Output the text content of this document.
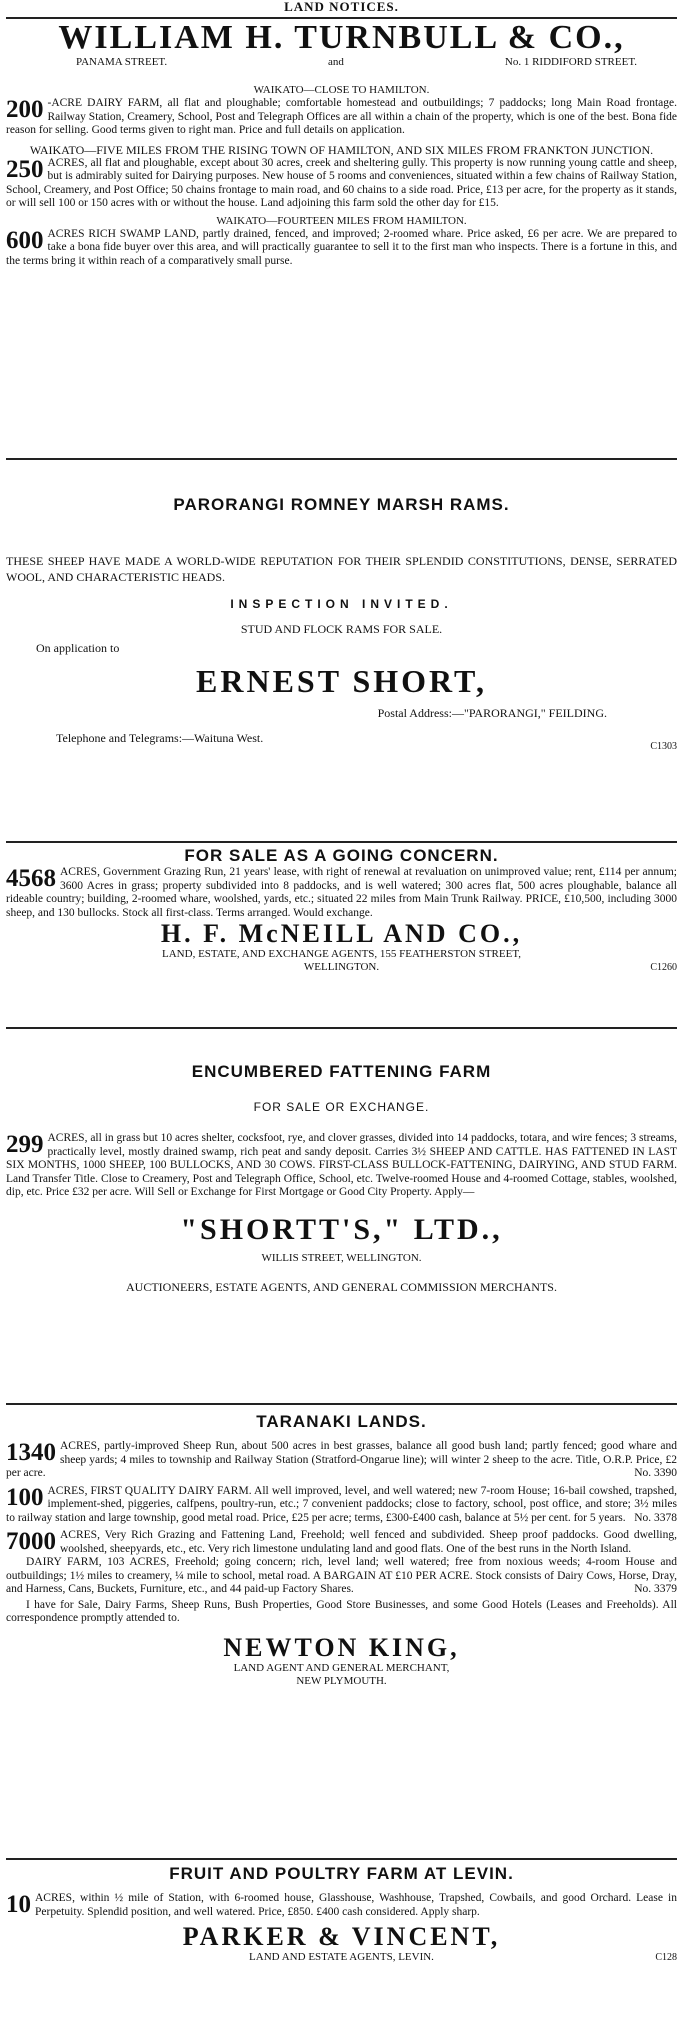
LAND NOTICES.
WILLIAM H. TURNBULL & CO.,
PANAMA STREET.	and	No. 1 RIDDIFORD STREET.
WAIKATO—CLOSE TO HAMILTON.
200 -ACRE DAIRY FARM, all flat and ploughable; comfortable homestead and outbuildings; 7 paddocks; long Main Road frontage. Railway Station, Creamery, School, Post and Telegraph Offices are all within a chain of the property, which is one of the best. Bona fide reason for selling. Good terms given to right man. Price and full details on application.
WAIKATO—FIVE MILES FROM THE RISING TOWN OF HAMILTON, AND SIX MILES FROM FRANKTON JUNCTION.
250 ACRES, all flat and ploughable, except about 30 acres, creek and sheltering gully. This property is now running young cattle and sheep, but is admirably suited for Dairying purposes. New house of 5 rooms and conveniences, situated within a few chains of Railway Station, School, Creamery, and Post Office; 50 chains frontage to main road, and 60 chains to a side road. Price, £13 per acre, for the property as it stands, or will sell 100 or 150 acres with or without the house. Land adjoining this farm sold the other day for £15.
WAIKATO—FOURTEEN MILES FROM HAMILTON.
600 ACRES RICH SWAMP LAND, partly drained, fenced, and improved; 2-roomed whare. Price asked, £6 per acre. We are prepared to take a bona fide buyer over this area, and will practically guarantee to sell it to the first man who inspects. There is a fortune in this, and the terms bring it within reach of a comparatively small purse.
PARORANGI ROMNEY MARSH RAMS.
THESE SHEEP HAVE MADE A WORLD-WIDE REPUTATION FOR THEIR SPLENDID CONSTITUTIONS, DENSE, SERRATED WOOL, AND CHARACTERISTIC HEADS.
INSPECTION INVITED.
STUD AND FLOCK RAMS FOR SALE.
On application to
ERNEST SHORT,
Postal Address:—"PARORANGI," FEILDING.
Telephone and Telegrams:—Waituna West.
C1303
FOR SALE AS A GOING CONCERN.
4568 ACRES, Government Grazing Run, 21 years' lease, with right of renewal at revaluation on unimproved value; rent, £114 per annum; 3600 Acres in grass; property subdivided into 8 paddocks, and is well watered; 300 acres flat, 500 acres ploughable, balance all rideable country; building, 2-roomed whare, woolshed, yards, etc.; situated 22 miles from Main Trunk Railway. PRICE, £10,500, including 3000 sheep, and 130 bullocks. Stock all first-class. Terms arranged. Would exchange.
H. F. McNEILL AND CO.,
LAND, ESTATE, AND EXCHANGE AGENTS, 155 FEATHERSTON STREET,
WELLINGTON.	C1260
ENCUMBERED FATTENING FARM
FOR SALE OR EXCHANGE.
299 ACRES, all in grass but 10 acres shelter, cocksfoot, rye, and clover grasses, divided into 14 paddocks, totara, and wire fences; 3 streams, practically level, mostly drained swamp, rich peat and sandy deposit. Carries 3½ SHEEP AND CATTLE. HAS FATTENED IN LAST SIX MONTHS, 1000 SHEEP, 100 BULLOCKS, AND 30 COWS. FIRST-CLASS BULLOCK-FATTENING, DAIRYING, AND STUD FARM. Land Transfer Title. Close to Creamery, Post and Telegraph Office, School, etc. Twelve-roomed House and 4-roomed Cottage, stables, woolshed, dip, etc. Price £32 per acre. Will Sell or Exchange for First Mortgage or Good City Property. Apply—
"SHORTT'S," LTD.,
WILLIS STREET, WELLINGTON.
AUCTIONEERS, ESTATE AGENTS, AND GENERAL COMMISSION MERCHANTS.
TARANAKI LANDS.
1340 ACRES, partly-improved Sheep Run, about 500 acres in best grasses, balance all good bush land; partly fenced; good whare and sheep yards; 4 miles to township and Railway Station (Stratford-Ongarue line); will winter 2 sheep to the acre. Title, O.R.P. Price, £2 per acre.	No. 3390
100 ACRES, FIRST QUALITY DAIRY FARM. All well improved, level, and well watered; new 7-room House; 16-bail cowshed, trapshed, implement-shed, piggeries, calfpens, poultry-run, etc.; 7 convenient paddocks; close to factory, school, post office, and store; 3½ miles to railway station and large township, good metal road. Price, £25 per acre; terms, £300-£400 cash, balance at 5½ per cent. for 5 years. No. 3378
7000 ACRES, Very Rich Grazing and Fattening Land, Freehold; well fenced and subdivided. Sheep proof paddocks. Good dwelling, woolshed, sheepyards, etc., etc. Very rich limestone undulating land and good flats. One of the best runs in the North Island.
DAIRY FARM, 103 ACRES, Freehold; going concern; rich, level land; well watered; free from noxious weeds; 4-room House and outbuildings; 1½ miles to creamery, ¼ mile to school, metal road. A BARGAIN AT £10 PER ACRE. Stock consists of Dairy Cows, Horse, Dray, and Harness, Cans, Buckets, Furniture, etc., and 44 paid-up Factory Shares.	No. 3379
I have for Sale, Dairy Farms, Sheep Runs, Bush Properties, Good Store Businesses, and some Good Hotels (Leases and Freeholds). All correspondence promptly attended to.
NEWTON KING,
LAND AGENT AND GENERAL MERCHANT,
NEW PLYMOUTH.
FRUIT AND POULTRY FARM AT LEVIN.
10 ACRES, within ½ mile of Station, with 6-roomed house, Glasshouse, Washhouse, Trapshed, Cowbails, and good Orchard. Lease in Perpetuity. Splendid position, and well watered. Price, £850. £400 cash considered. Apply sharp.
PARKER & VINCENT,
LAND AND ESTATE AGENTS, LEVIN.	C128
